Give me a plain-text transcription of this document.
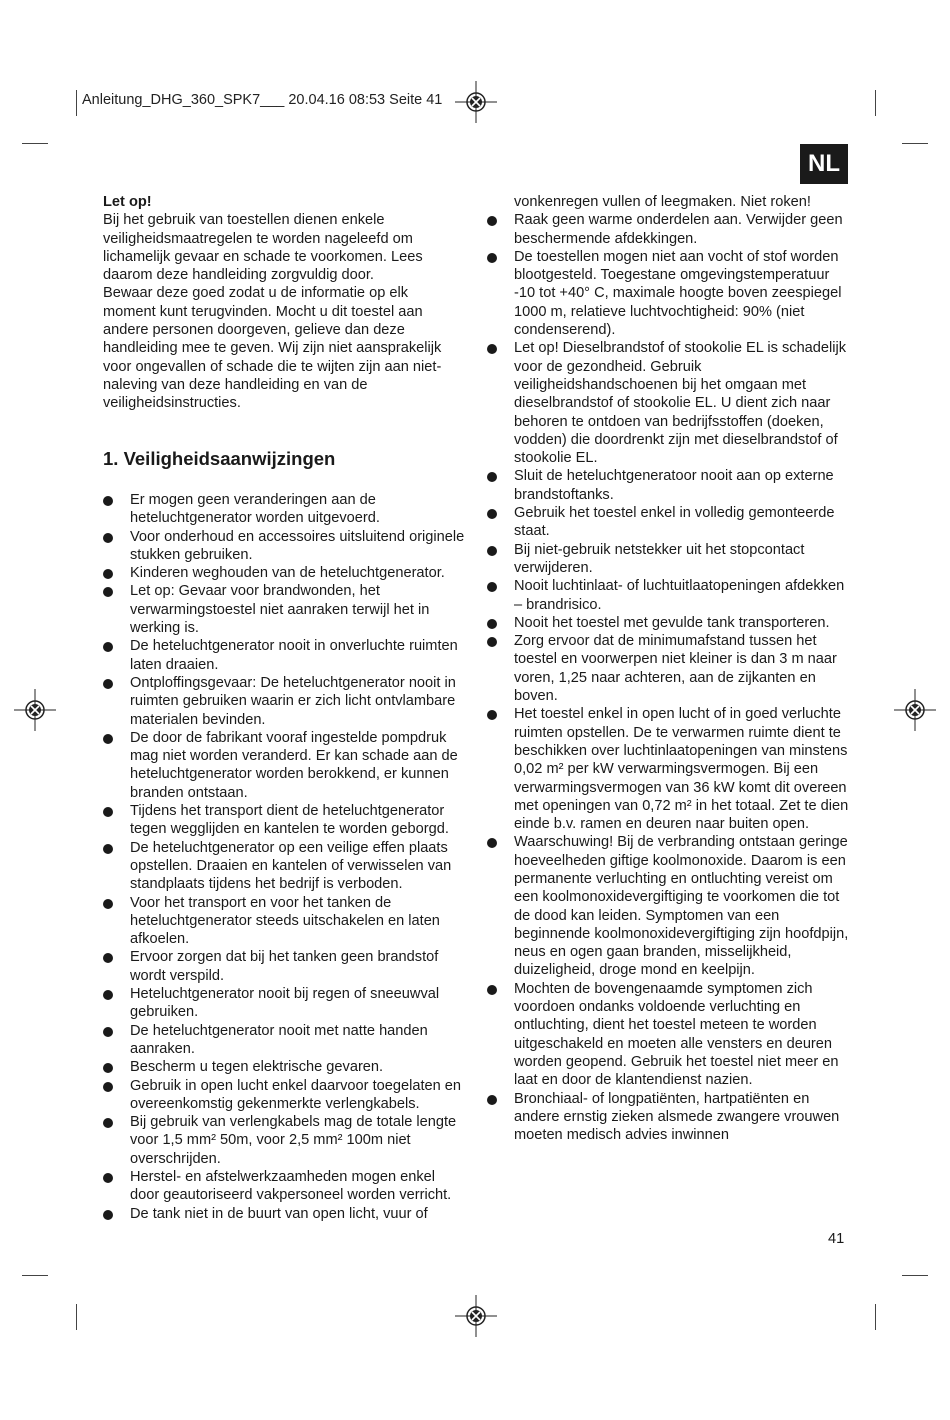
Anleitung_DHG_360_SPK7___ 20.04.16 08:53 Seite 41
NL

Let op!

Bij het gebruik van toestellen dienen enkele
veiligheidsmaatregelen te worden nageleefd om
lichamelijk gevaar en schade te voorkomen. Lees
daarom deze handleiding zorgvuldig door.
Bewaar deze goed zodat u de informatie op elk
moment kunt terugvinden. Mocht u dit toestel aan
andere personen doorgeven, gelieve dan deze
handleiding mee te geven. Wij zijn niet aansprakelijk
voor ongevallen of schade die te wijten zijn aan niet-
naleving van deze handleiding en van de
veiligheidsinstructies.

1. Veiligheidsaanwijzingen
Er mogen geen veranderingen aan de heteluchtgenerator worden uitgevoerd.
Voor onderhoud en accessoires uitsluitend originele stukken gebruiken.
Kinderen weghouden van de heteluchtgenerator.
Let op: Gevaar voor brandwonden, het verwarmingstoestel niet aanraken terwijl het in werking is.
De heteluchtgenerator nooit in onverluchte ruimten laten draaien.
Ontploffingsgevaar: De heteluchtgenerator nooit in ruimten gebruiken waarin er zich licht ontvlambare materialen bevinden.
De door de fabrikant vooraf ingestelde pompdruk mag niet worden veranderd. Er kan schade aan de heteluchtgenerator worden berokkend, er kunnen branden ontstaan.
Tijdens het transport dient de heteluchtgenerator tegen wegglijden en kantelen te worden geborgd.
De heteluchtgenerator op een veilige effen plaats opstellen. Draaien en kantelen of verwisselen van standplaats tijdens het bedrijf is verboden.
Voor het transport en voor het tanken de heteluchtgenerator steeds uitschakelen en laten afkoelen.
Ervoor zorgen dat bij het tanken geen brandstof wordt verspild.
Heteluchtgenerator nooit bij regen of sneeuwval gebruiken.
De heteluchtgenerator nooit met natte handen aanraken.
Bescherm u tegen elektrische gevaren.
Gebruik in open lucht enkel daarvoor toegelaten en overeenkomstig gekenmerkte verlengkabels.
Bij gebruik van verlengkabels mag de totale lengte voor 1,5 mm² 50m, voor 2,5 mm² 100m niet overschrijden.
Herstel- en afstelwerkzaamheden mogen enkel door geautoriseerd vakpersoneel worden verricht.
De tank niet in de buurt van open licht, vuur of
vonkenregen vullen of leegmaken. Niet roken!
Raak geen warme onderdelen aan. Verwijder geen beschermende afdekkingen.
De toestellen mogen niet aan vocht of stof worden blootgesteld. Toegestane omgevingstemperatuur -10 tot +40° C, maximale hoogte boven zeespiegel 1000 m, relatieve luchtvochtigheid: 90% (niet condenserend).
Let op! Dieselbrandstof of stookolie EL is schadelijk voor de gezondheid. Gebruik veiligheidshandschoenen bij het omgaan met dieselbrandstof of stookolie EL. U dient zich naar behoren te ontdoen van bedrijfsstoffen (doeken, vodden) die doordrenkt zijn met dieselbrandstof of stookolie EL.
Sluit de heteluchtgeneratoor nooit aan op externe brandstoftanks.
Gebruik het toestel enkel in volledig gemonteerde staat.
Bij niet-gebruik netstekker uit het stopcontact verwijderen.
Nooit luchtinlaat- of luchtuitlaatopeningen afdekken – brandrisico.
Nooit het toestel met gevulde tank transporteren.
Zorg ervoor dat de minimumafstand tussen het toestel en voorwerpen niet kleiner is dan 3 m naar voren, 1,25 naar achteren, aan de zijkanten en boven.
Het toestel enkel in open lucht of in goed verluchte ruimten opstellen. De te verwarmen ruimte dient te beschikken over luchtinlaatopeningen van minstens 0,02 m² per kW verwarmingsvermogen. Bij een verwarmingsvermogen van 36 kW komt dit overeen met openingen van 0,72 m² in het totaal. Zet te dien einde b.v. ramen en deuren naar buiten open.
Waarschuwing! Bij de verbranding ontstaan geringe hoeveelheden giftige koolmonoxide. Daarom is een permanente verluchting en ontluchting vereist om een koolmonoxidevergiftiging te voorkomen die tot de dood kan leiden. Symptomen van een beginnende koolmonoxidevergiftiging zijn hoofdpijn, neus en ogen gaan branden, misselijkheid, duizeligheid, droge mond en keelpijn.
Mochten de bovengenaamde symptomen zich voordoen ondanks voldoende verluchting en ontluchting, dient het toestel meteen te worden uitgeschakeld en moeten alle vensters en deuren worden geopend. Gebruik het toestel niet meer en laat en door de klantendienst nazien.
Bronchiaal- of longpatiënten, hartpatiënten en andere ernstig zieken alsmede zwangere vrouwen moeten medisch advies inwinnen
41
